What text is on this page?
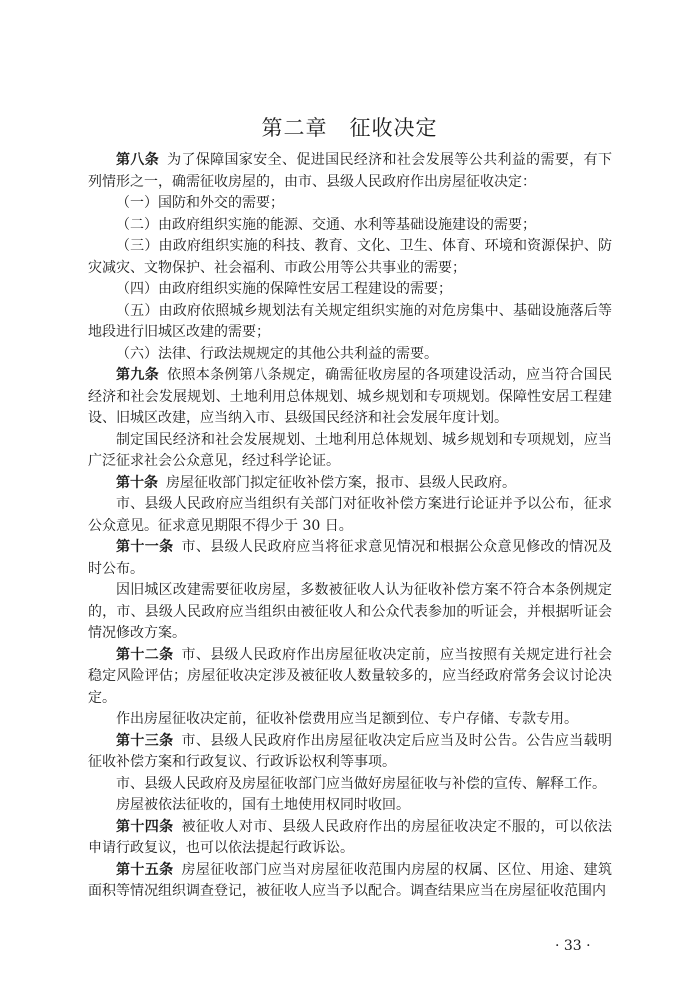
第二章　征收决定

第八条 为了保障国家安全、促进国民经济和社会发展等公共利益的需要，有下列情形之一，确需征收房屋的，由市、县级人民政府作出房屋征收决定：

（一）国防和外交的需要；

（二）由政府组织实施的能源、交通、水利等基础设施建设的需要；

（三）由政府组织实施的科技、教育、文化、卫生、体育、环境和资源保护、防灾减灾、文物保护、社会福利、市政公用等公共事业的需要；

（四）由政府组织实施的保障性安居工程建设的需要；

（五）由政府依照城乡规划法有关规定组织实施的对危房集中、基础设施落后等地段进行旧城区改建的需要；

（六）法律、行政法规规定的其他公共利益的需要。

第九条 依照本条例第八条规定，确需征收房屋的各项建设活动，应当符合国民经济和社会发展规划、土地利用总体规划、城乡规划和专项规划。保障性安居工程建设、旧城区改建，应当纳入市、县级国民经济和社会发展年度计划。

制定国民经济和社会发展规划、土地利用总体规划、城乡规划和专项规划，应当广泛征求社会公众意见，经过科学论证。

第十条 房屋征收部门拟定征收补偿方案，报市、县级人民政府。

市、县级人民政府应当组织有关部门对征收补偿方案进行论证并予以公布，征求公众意见。征求意见期限不得少于 30 日。

第十一条 市、县级人民政府应当将征求意见情况和根据公众意见修改的情况及时公布。

因旧城区改建需要征收房屋，多数被征收人认为征收补偿方案不符合本条例规定的，市、县级人民政府应当组织由被征收人和公众代表参加的听证会，并根据听证会情况修改方案。

第十二条 市、县级人民政府作出房屋征收决定前，应当按照有关规定进行社会稳定风险评估；房屋征收决定涉及被征收人数量较多的，应当经政府常务会议讨论决定。

作出房屋征收决定前，征收补偿费用应当足额到位、专户存储、专款专用。

第十三条 市、县级人民政府作出房屋征收决定后应当及时公告。公告应当载明征收补偿方案和行政复议、行政诉讼权利等事项。

市、县级人民政府及房屋征收部门应当做好房屋征收与补偿的宣传、解释工作。

房屋被依法征收的，国有土地使用权同时收回。

第十四条 被征收人对市、县级人民政府作出的房屋征收决定不服的，可以依法申请行政复议，也可以依法提起行政诉讼。

第十五条 房屋征收部门应当对房屋征收范围内房屋的权属、区位、用途、建筑面积等情况组织调查登记，被征收人应当予以配合。调查结果应当在房屋征收范围内

· 33 ·
